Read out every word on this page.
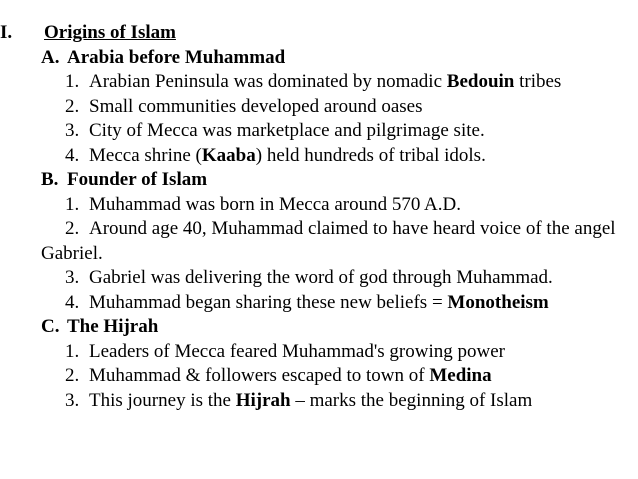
I. Origins of Islam
A. Arabia before Muhammad
1. Arabian Peninsula was dominated by nomadic Bedouin tribes
2. Small communities developed around oases
3. City of Mecca was marketplace and pilgrimage site.
4. Mecca shrine (Kaaba) held hundreds of tribal idols.
B. Founder of Islam
1. Muhammad was born in Mecca around 570 A.D.
2. Around age 40, Muhammad claimed to have heard voice of the angel Gabriel.
3. Gabriel was delivering the word of god through Muhammad.
4. Muhammad began sharing these new beliefs = Monotheism
C. The Hijrah
1. Leaders of Mecca feared Muhammad's growing power
2. Muhammad & followers escaped to town of Medina
3. This journey is the Hijrah – marks the beginning of Islam
